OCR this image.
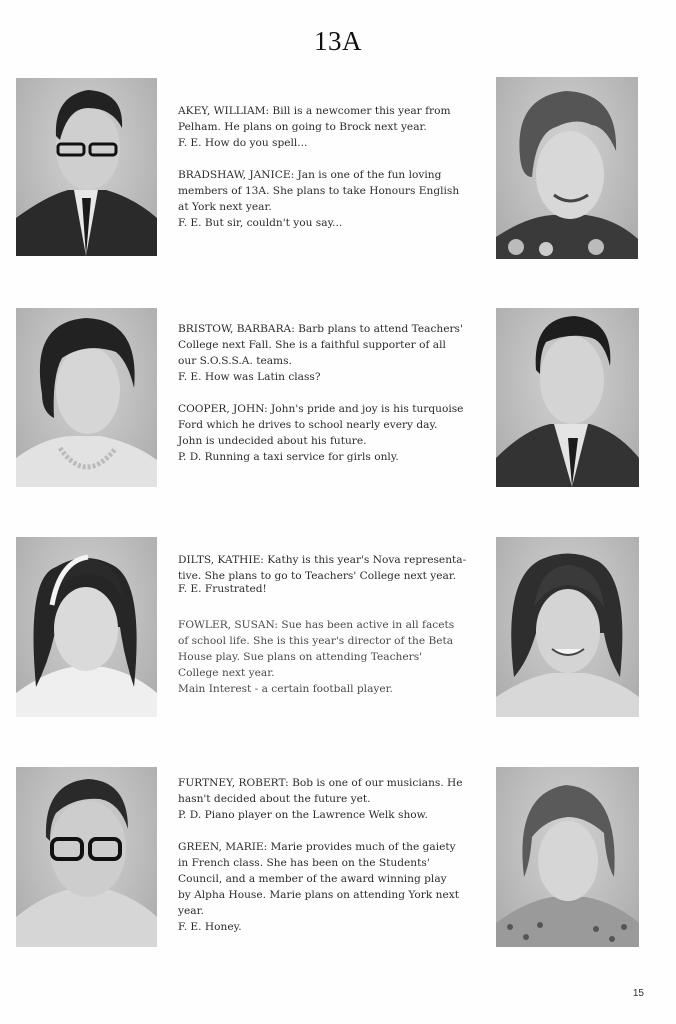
13A
AKEY, WILLIAM: Bill is a newcomer this year from
Pelham. He plans on going to Brock next year.
F. E. How do you spell...
BRADSHAW, JANICE: Jan is one of the fun loving
members of 13A. She plans to take Honours English
at York next year.
F. E. But sir, couldn't you say...
BRISTOW, BARBARA: Barb plans to attend Teachers'
College next Fall. She is a faithful supporter of all
our S.O.S.S.A. teams.
F. E. How was Latin class?
COOPER, JOHN: John's pride and joy is his turquoise
Ford which he drives to school nearly every day.
John is undecided about his future.
P. D. Running a taxi service for girls only.
DILTS, KATHIE: Kathy is this year's Nova representa-
tive. She plans to go to Teachers' College next year.
F. E. Frustrated!
FOWLER, SUSAN: Sue has been active in all facets
of school life. She is this year's director of the Beta
House play. Sue plans on attending Teachers'
College next year.
Main Interest - a certain football player.
FURTNEY, ROBERT: Bob is one of our musicians. He
hasn't decided about the future yet.
P. D. Piano player on the Lawrence Welk show.
GREEN, MARIE: Marie provides much of the gaiety
in French class. She has been on the Students'
Council, and a member of the award winning play
by Alpha House. Marie plans on attending York next
year.
F. E. Honey.
15
